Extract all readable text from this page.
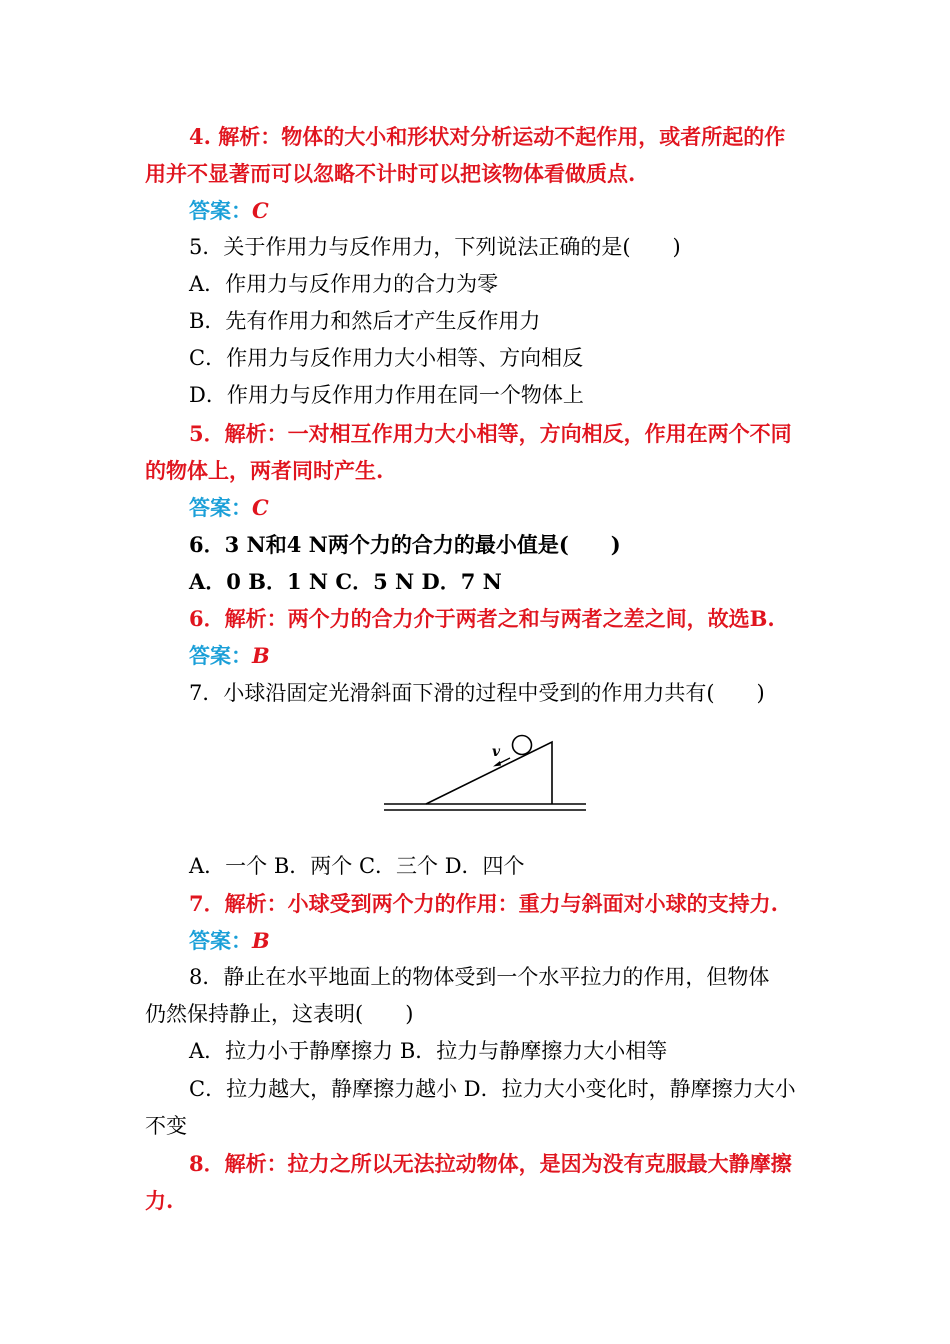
4. 解析：物体的大小和形状对分析运动不起作用，或者所起的作
用并不显著而可以忽略不计时可以把该物体看做质点.
答案：C
5．关于作用力与反作用力，下列说法正确的是(　　)
A．作用力与反作用力的合力为零
B．先有作用力和然后才产生反作用力
C．作用力与反作用力大小相等、方向相反
D．作用力与反作用力作用在同一个物体上
5．解析：一对相互作用力大小相等，方向相反，作用在两个不同
的物体上，两者同时产生.
答案：C
6．3 N和4 N两个力的合力的最小值是(　　)
A．0 B．1 N C．5 N D．7 N
6．解析：两个力的合力介于两者之和与两者之差之间，故选B.
答案：B
7．小球沿固定光滑斜面下滑的过程中受到的作用力共有(　　)
v
A．一个 B．两个 C．三个 D．四个
7．解析：小球受到两个力的作用：重力与斜面对小球的支持力.
答案：B
8．静止在水平地面上的物体受到一个水平拉力的作用，但物体
仍然保持静止，这表明(　　)
A．拉力小于静摩擦力 B．拉力与静摩擦力大小相等
C．拉力越大，静摩擦力越小 D．拉力大小变化时，静摩擦力大小
不变
8．解析：拉力之所以无法拉动物体，是因为没有克服最大静摩擦
力.
